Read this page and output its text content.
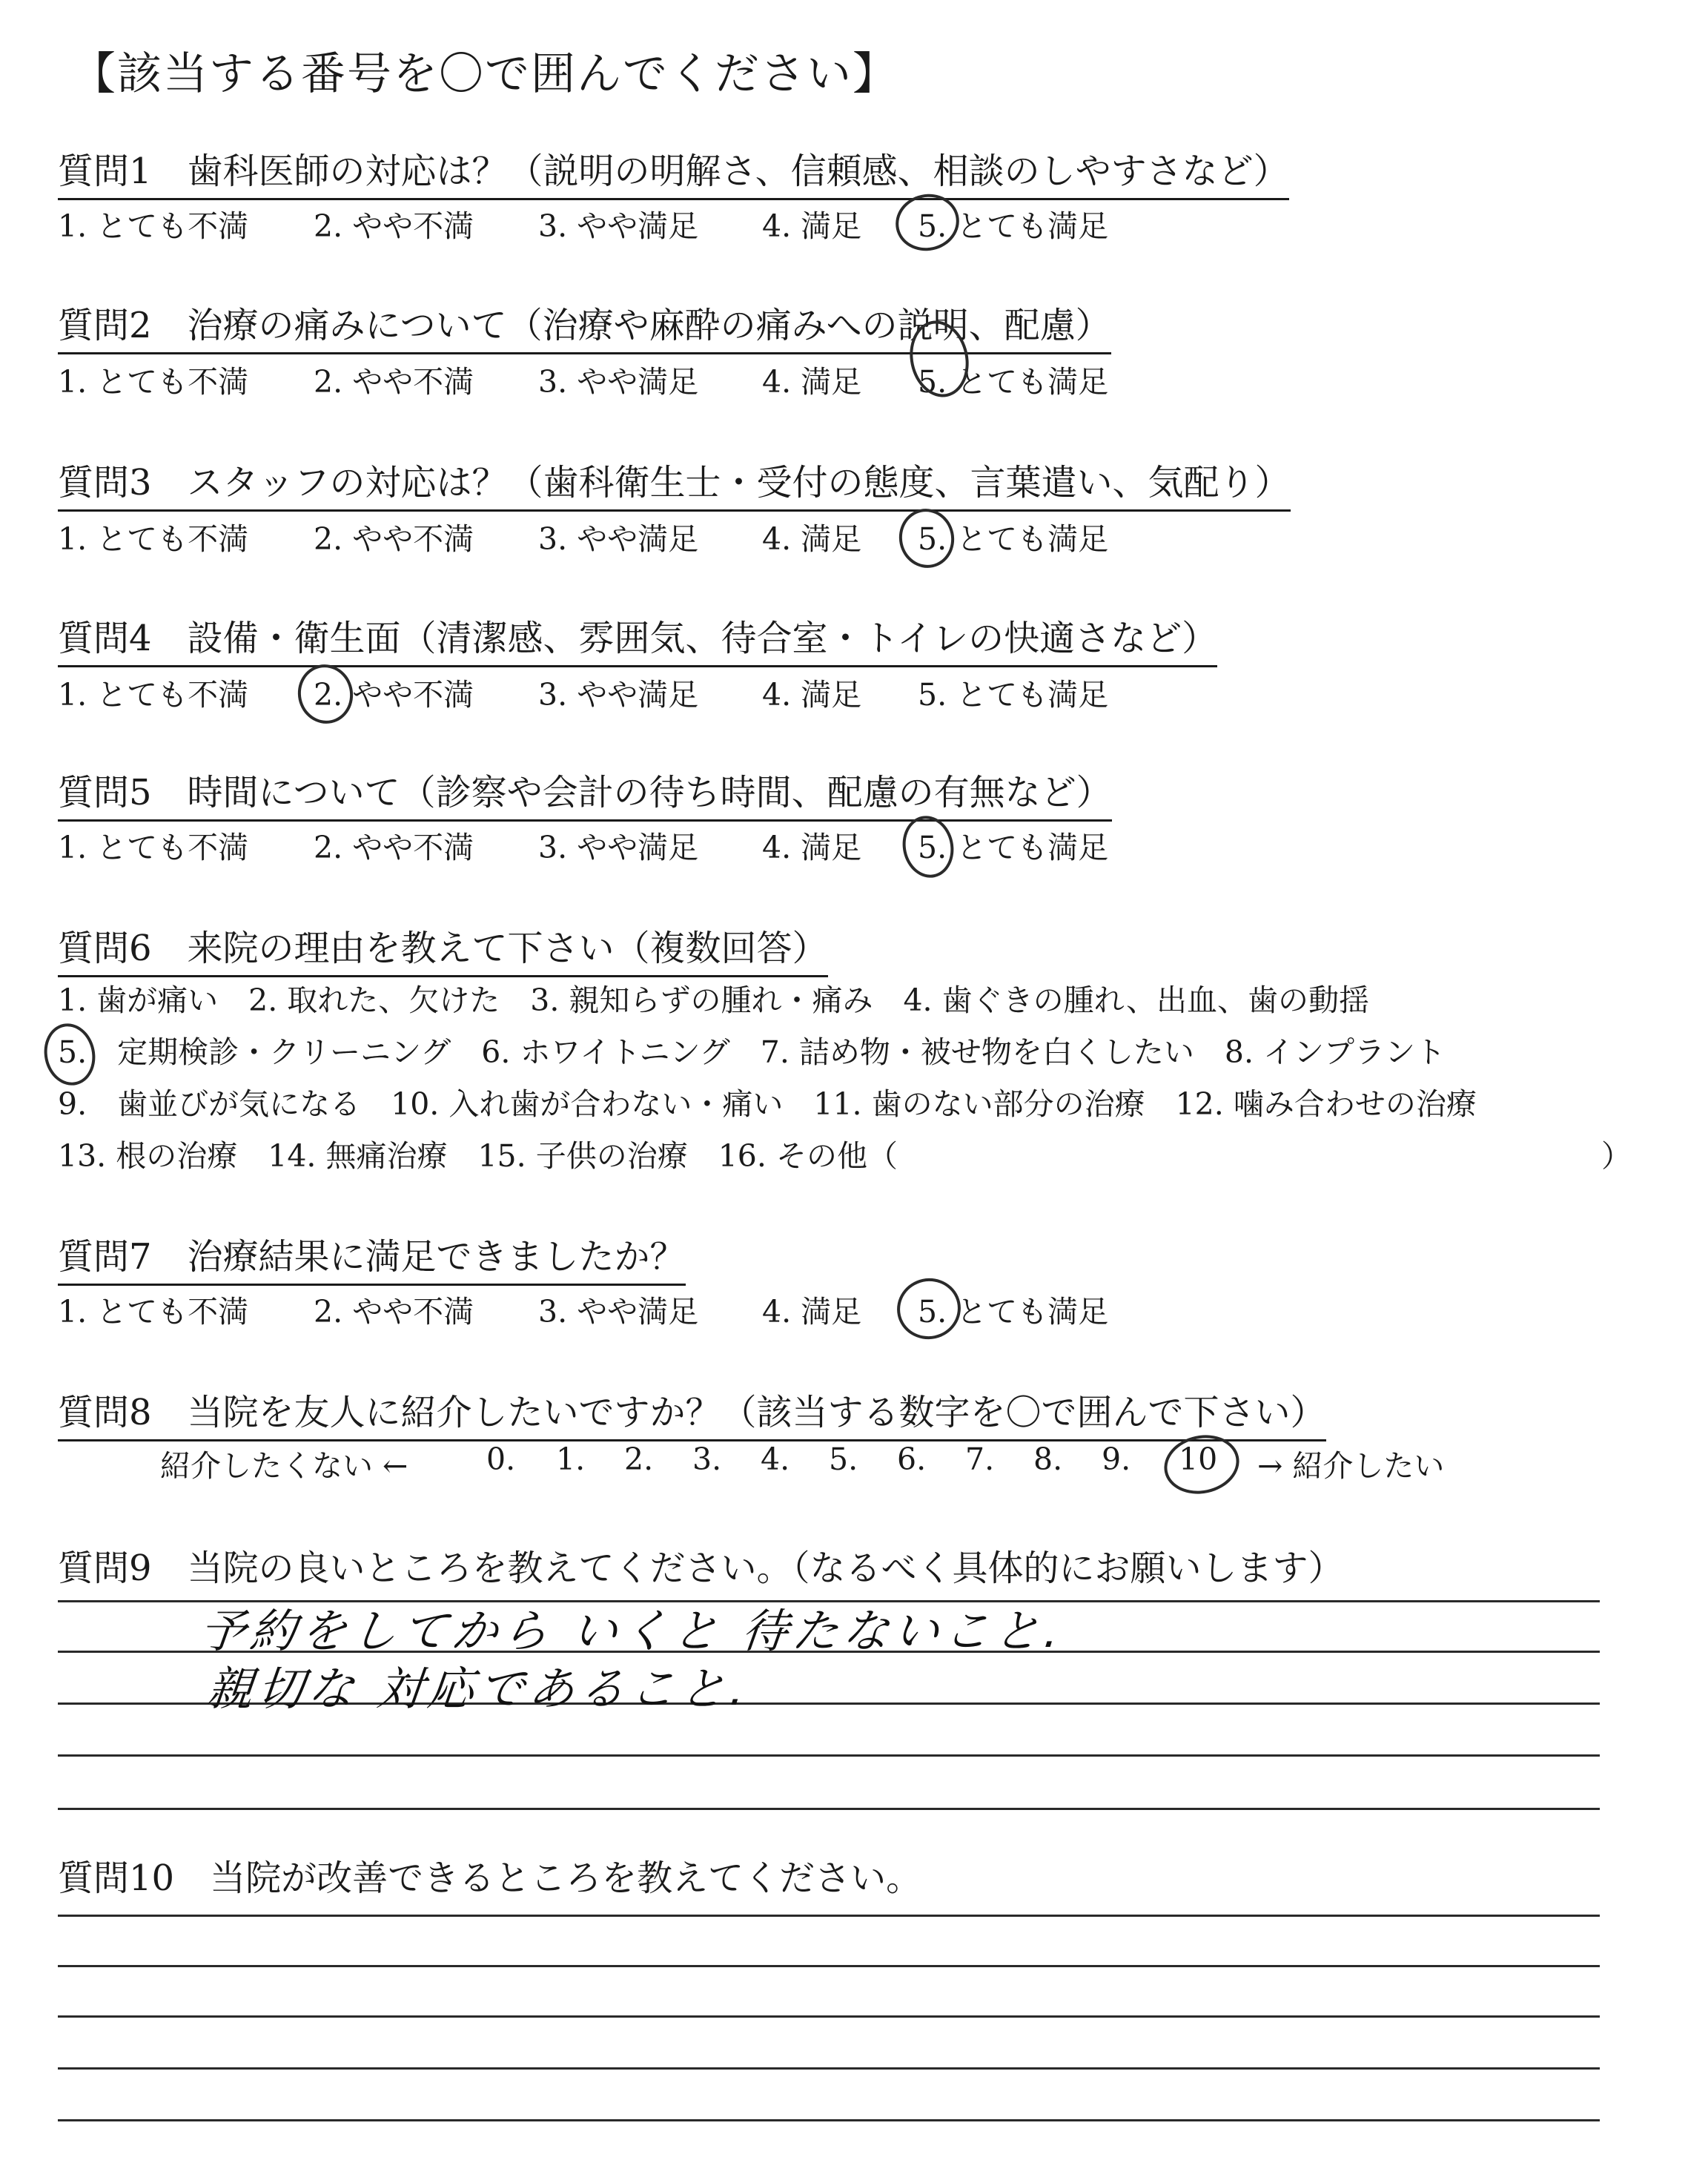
【該当する番号を〇で囲んでください】
質問1 歯科医師の対応は？（説明の明解さ、信頼感、相談のしやすさなど）
1. とても不満 2. やや不満 3. やや満足 4. 満足 5. とても満足
質問2 治療の痛みについて（治療や麻酔の痛みへの説明、配慮）
1. とても不満 2. やや不満 3. やや満足 4. 満足 5. とても満足
質問3 スタッフの対応は？（歯科衛生士・受付の態度、言葉遣い、気配り）
1. とても不満 2. やや不満 3. やや満足 4. 満足 5. とても満足
質問4 設備・衛生面（清潔感、雰囲気、待合室・トイレの快適さなど）
1. とても不満 2. やや不満 3. やや満足 4. 満足 5. とても満足
質問5 時間について（診察や会計の待ち時間、配慮の有無など）
1. とても不満 2. やや不満 3. やや満足 4. 満足 5. とても満足
質問6 来院の理由を教えて下さい（複数回答）
1. 歯が痛い　2. 取れた、欠けた　3. 親知らずの腫れ・痛み　4. 歯ぐきの腫れ、出血、歯の動揺
5.　定期検診・クリーニング　6. ホワイトニング　7. 詰め物・被せ物を白くしたい　8. インプラント
9.　歯並びが気になる　10. 入れ歯が合わない・痛い　11. 歯のない部分の治療　12. 噛み合わせの治療
13. 根の治療　14. 無痛治療　15. 子供の治療　16. その他（	）
質問7 治療結果に満足できましたか？
1. とても不満 2. やや不満 3. やや満足 4. 満足 5. とても満足
質問8 当院を友人に紹介したいですか？（該当する数字を〇で囲んで下さい）
紹介したくない ←	0. 1. 2. 3. 4. 5. 6. 7. 8. 9. 10 → 紹介したい
質問9 当院の良いところを教えてください。（なるべく具体的にお願いします）
予約をしてから いくと 待たないこと.
親切な 対応であること.
質問10 当院が改善できるところを教えてください。
